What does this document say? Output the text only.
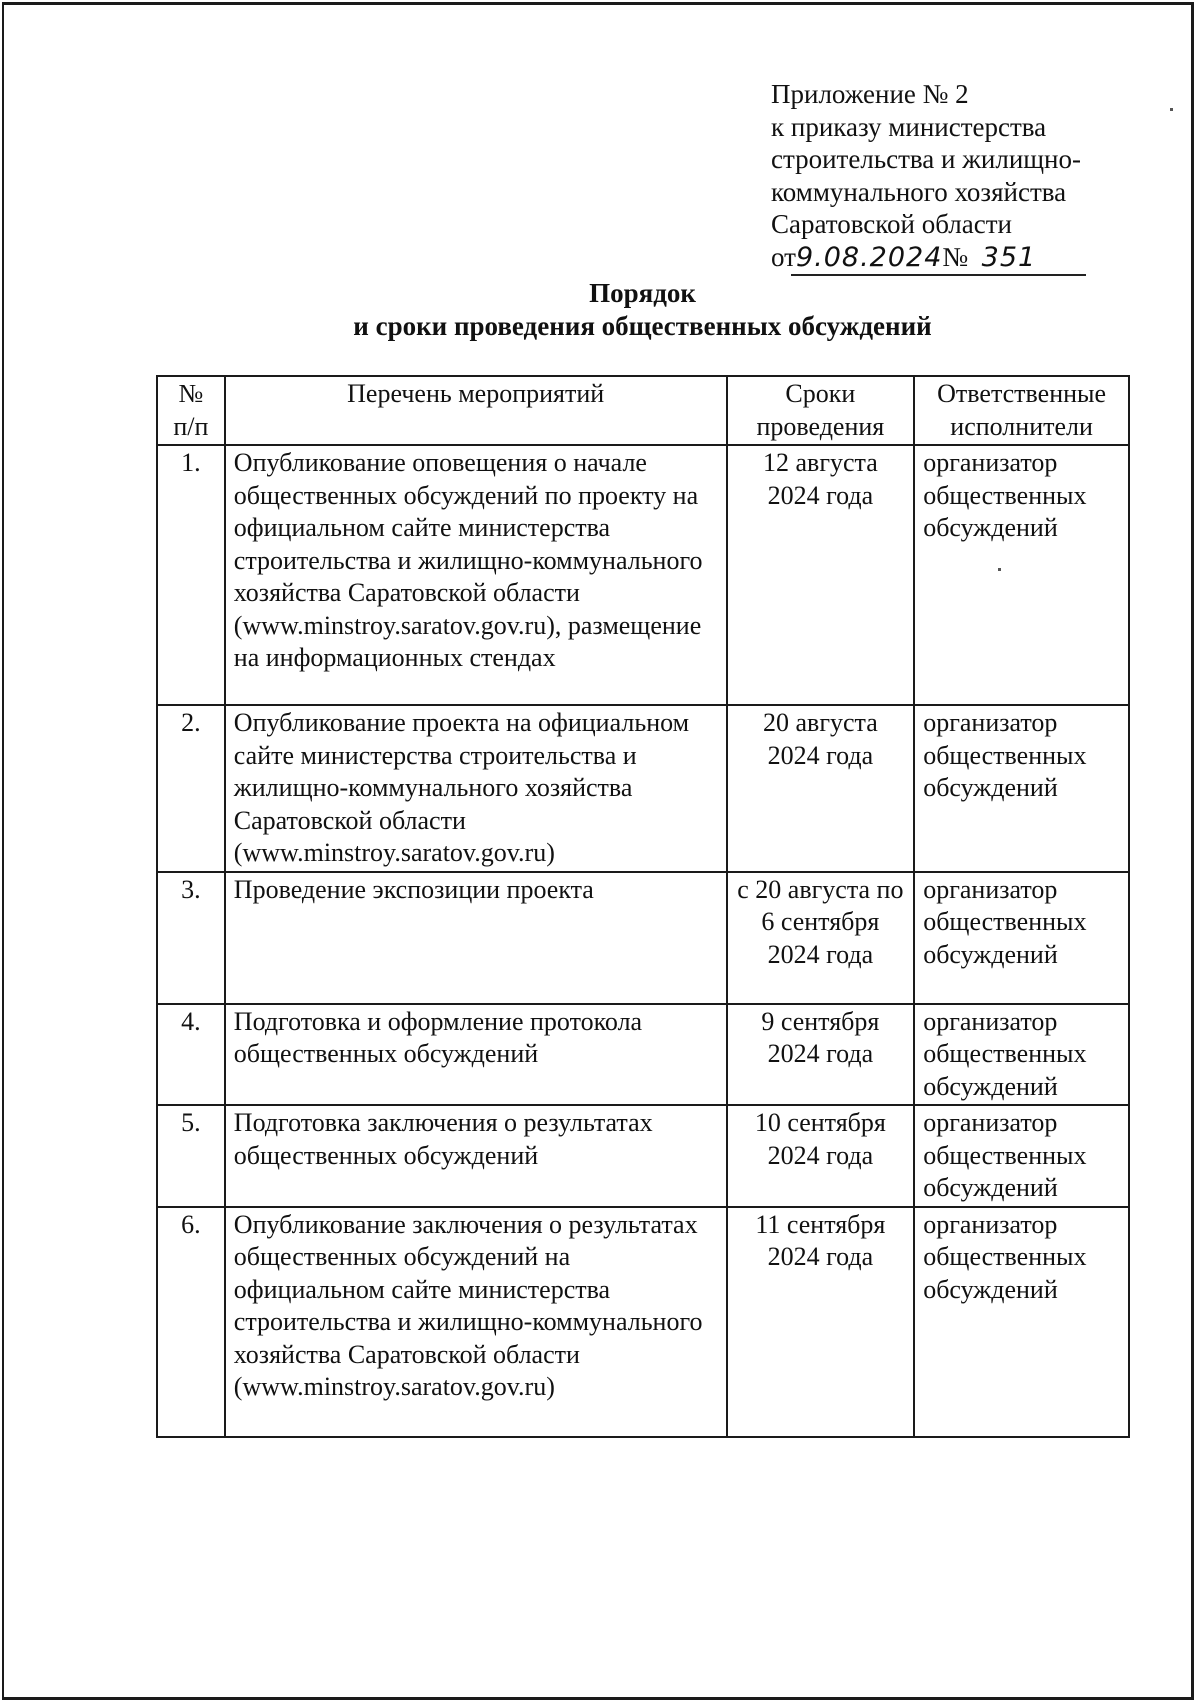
Приложение № 2
к приказу министерства
строительства и жилищно-
коммунального хозяйства
Саратовской области
от9.08.2024№ 351
Порядок
и сроки проведения общественных обсуждений
№ п/п	Перечень мероприятий	Сроки проведения	Ответственные исполнители
1.	Опубликование оповещения о начале общественных обсуждений по проекту на официальном сайте министерства строительства и жилищно-коммунального хозяйства Саратовской области (www.minstroy.saratov.gov.ru), размещение на информационных стендах	12 августа 2024 года	организатор общественных обсуждений
2.	Опубликование проекта на официальном сайте министерства строительства и жилищно-коммунального хозяйства Саратовской области (www.minstroy.saratov.gov.ru)	20 августа 2024 года	организатор общественных обсуждений
3.	Проведение экспозиции проекта	с 20 августа по 6 сентября 2024 года	организатор общественных обсуждений
4.	Подготовка и оформление протокола общественных обсуждений	9 сентября 2024 года	организатор общественных обсуждений
5.	Подготовка заключения о результатах общественных обсуждений	10 сентября 2024 года	организатор общественных обсуждений
6.	Опубликование заключения о результатах общественных обсуждений на официальном сайте министерства строительства и жилищно-коммунального хозяйства Саратовской области (www.minstroy.saratov.gov.ru)	11 сентября 2024 года	организатор общественных обсуждений
